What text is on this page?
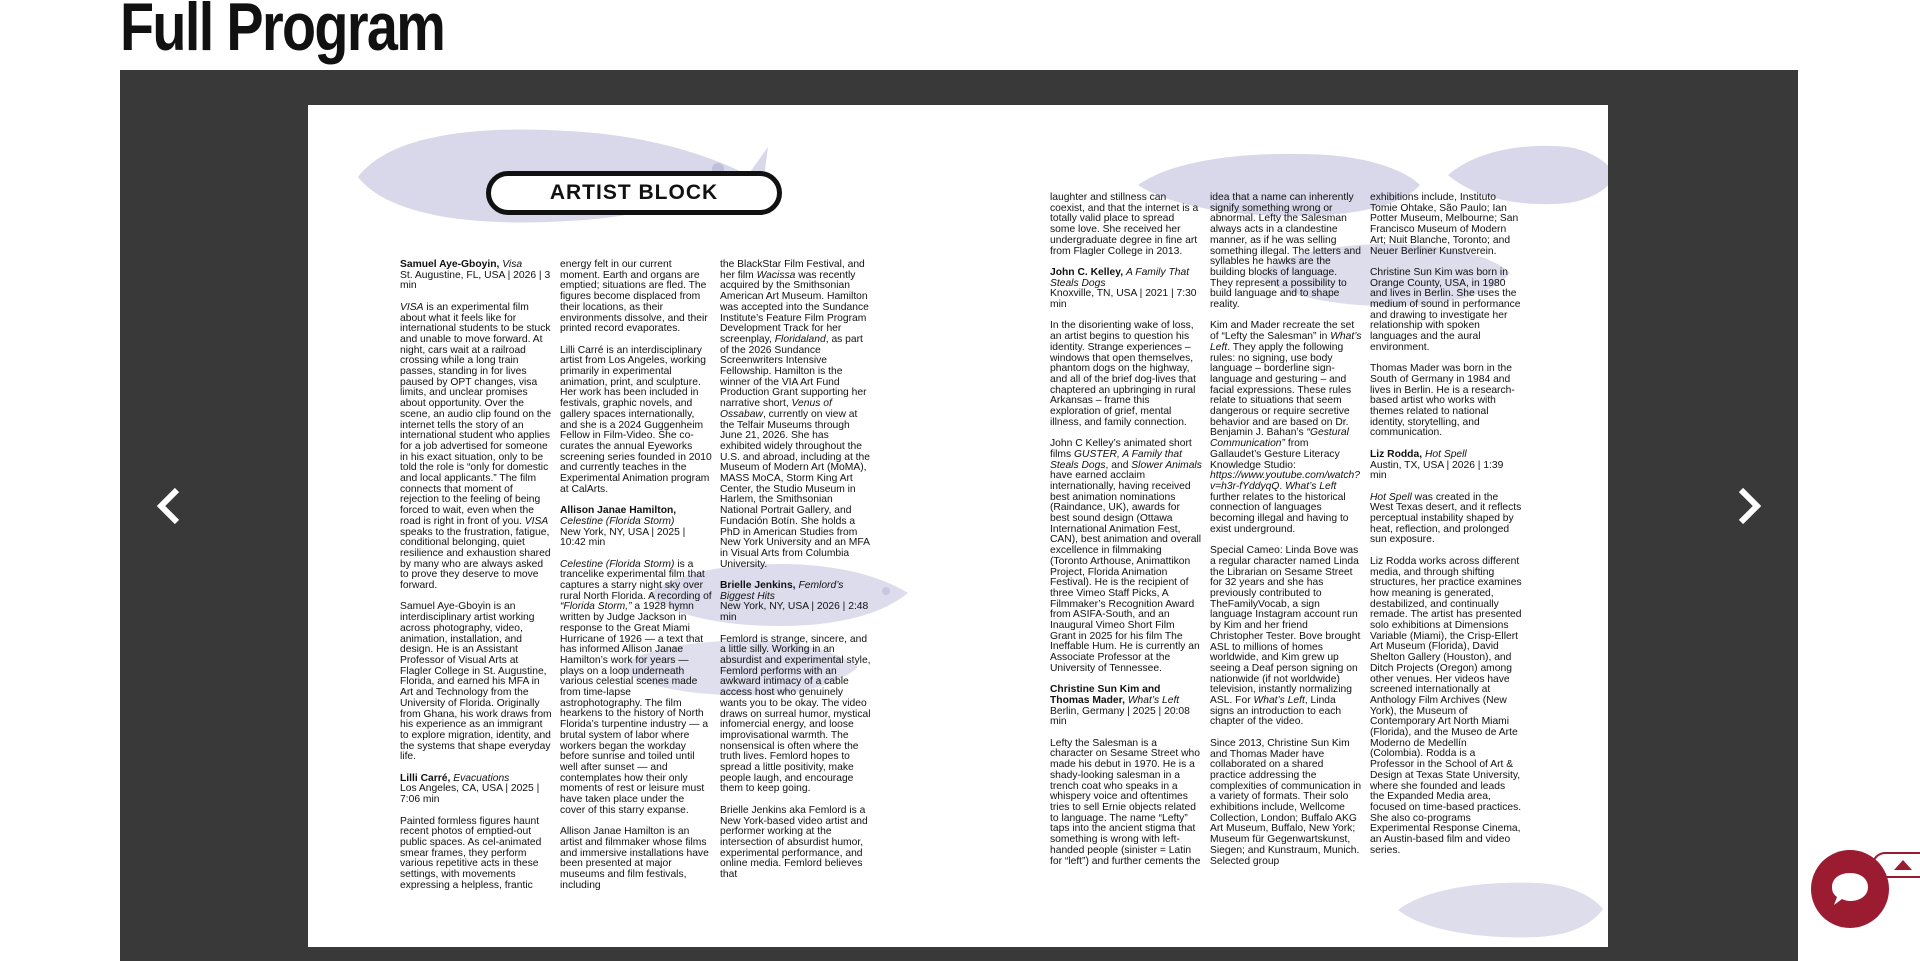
Full Program
ARTIST BLOCK
Samuel Aye-Gboyin, Visa
St. Augustine, FL, USA | 2026 | 3 min

VISA is an experimental film about what it feels like for international students to be stuck and unable to move forward. At night, cars wait at a railroad crossing while a long train passes, standing in for lives paused by OPT changes, visa limits, and unclear promises about opportunity. Over the scene, an audio clip found on the internet tells the story of an international student who applies for a job advertised for someone in his exact situation, only to be told the role is “only for domestic and local applicants.” The film connects that moment of rejection to the feeling of being forced to wait, even when the road is right in front of you. VISA speaks to the frustration, fatigue, conditional belonging, quiet resilience and exhaustion shared by many who are always asked to prove they deserve to move forward.

Samuel Aye-Gboyin is an interdisciplinary artist working across photography, video, animation, installation, and design. He is an Assistant Professor of Visual Arts at Flagler College in St. Augustine, Florida, and earned his MFA in Art and Technology from the University of Florida. Originally from Ghana, his work draws from his experience as an immigrant to explore migration, identity, and the systems that shape everyday life.

Lilli Carré, Evacuations
Los Angeles, CA, USA | 2025 | 7:06 min

Painted formless figures haunt recent photos of emptied-out public spaces. As cel-animated smear frames, they perform various repetitive acts in these settings, with movements expressing a helpless, frantic

energy felt in our current moment. Earth and organs are emptied; situations are fled. The figures become displaced from their locations, as their environments dissolve, and their printed record evaporates.

Lilli Carré is an interdisciplinary artist from Los Angeles, working primarily in experimental animation, print, and sculpture. Her work has been included in festivals, graphic novels, and gallery spaces internationally, and she is a 2024 Guggenheim Fellow in Film-Video. She co-curates the annual Eyeworks screening series founded in 2010 and currently teaches in the Experimental Animation program at CalArts.

Allison Janae Hamilton,
Celestine (Florida Storm)
New York, NY, USA | 2025 | 10:42 min

Celestine (Florida Storm) is a trancelike experimental film that captures a starry night sky over rural North Florida. A recording of “Florida Storm,” a 1928 hymn written by Judge Jackson in response to the Great Miami Hurricane of 1926 — a text that has informed Allison Janae Hamilton’s work for years — plays on a loop underneath various celestial scenes made from time-lapse astrophotography. The film hearkens to the history of North Florida’s turpentine industry — a brutal system of labor where workers began the workday before sunrise and toiled until well after sunset — and contemplates how their only moments of rest or leisure must have taken place under the cover of this starry expanse.

Allison Janae Hamilton is an artist and filmmaker whose films and immersive installations have been presented at major museums and film festivals, including

the BlackStar Film Festival, and her film Wacissa was recently acquired by the Smithsonian American Art Museum. Hamilton was accepted into the Sundance Institute’s Feature Film Program Development Track for her screenplay, Floridaland, as part of the 2026 Sundance Screenwriters Intensive Fellowship. Hamilton is the winner of the VIA Art Fund Production Grant supporting her narrative short, Venus of Ossabaw, currently on view at the Telfair Museums through June 21, 2026. She has exhibited widely throughout the U.S. and abroad, including at the Museum of Modern Art (MoMA), MASS MoCA, Storm King Art Center, the Studio Museum in Harlem, the Smithsonian National Portrait Gallery, and Fundación Botín. She holds a PhD in American Studies from New York University and an MFA in Visual Arts from Columbia University.

Brielle Jenkins, Femlord’s Biggest Hits
New York, NY, USA | 2026 | 2:48 min

Femlord is strange, sincere, and a little silly. Working in an absurdist and experimental style, Femlord performs with an awkward intimacy of a cable access host who genuinely wants you to be okay. The video draws on surreal humor, mystical infomercial energy, and loose improvisational warmth. The nonsensical is often where the truth lives. Femlord hopes to spread a little positivity, make people laugh, and encourage them to keep going.

Brielle Jenkins aka Femlord is a New York-based video artist and performer working at the intersection of absurdist humor, experimental performance, and online media. Femlord believes that

laughter and stillness can coexist, and that the internet is a totally valid place to spread some love. She received her undergraduate degree in fine art from Flagler College in 2013.

John C. Kelley, A Family That Steals Dogs
Knoxville, TN, USA | 2021 | 7:30 min

In the disorienting wake of loss, an artist begins to question his identity. Strange experiences – windows that open themselves, phantom dogs on the highway, and all of the brief dog-lives that chaptered an upbringing in rural Arkansas – frame this exploration of grief, mental illness, and family connection.

John C Kelley’s animated short films GUSTER, A Family that Steals Dogs, and Slower Animals have earned acclaim internationally, having received best animation nominations (Raindance, UK), awards for best sound design (Ottawa International Animation Fest, CAN), best animation and overall excellence in filmmaking (Toronto Arthouse, Animattikon Project, Florida Animation Festival). He is the recipient of three Vimeo Staff Picks, A Filmmaker’s Recognition Award from ASIFA-South, and an Inaugural Vimeo Short Film Grant in 2025 for his film The Ineffable Hum. He is currently an Associate Professor at the University of Tennessee.

Christine Sun Kim and Thomas Mader, What’s Left
Berlin, Germany | 2025 | 20:08 min

Lefty the Salesman is a character on Sesame Street who made his debut in 1970. He is a shady-looking salesman in a trench coat who speaks in a whispery voice and oftentimes tries to sell Ernie objects related to language. The name “Lefty” taps into the ancient stigma that something is wrong with left-handed people (sinister = Latin for “left”) and further cements the

idea that a name can inherently signify something wrong or abnormal. Lefty the Salesman always acts in a clandestine manner, as if he was selling something illegal. The letters and syllables he hawks are the building blocks of language. They represent a possibility to build language and to shape reality.

Kim and Mader recreate the set of “Lefty the Salesman” in What’s Left. They apply the following rules: no signing, use body language – borderline sign-language and gesturing – and facial expressions. These rules relate to situations that seem dangerous or require secretive behavior and are based on Dr. Benjamin J. Bahan’s “Gestural Communication” from Gallaudet’s Gesture Literacy Knowledge Studio: https://www.youtube.com/watch?v=h3r-fYddyqQ. What’s Left further relates to the historical connection of languages becoming illegal and having to exist underground.

Special Cameo: Linda Bove was a regular character named Linda the Librarian on Sesame Street for 32 years and she has previously contributed to TheFamilyVocab, a sign language Instagram account run by Kim and her friend Christopher Tester. Bove brought ASL to millions of homes worldwide, and Kim grew up seeing a Deaf person signing on nationwide (if not worldwide) television, instantly normalizing ASL. For What’s Left, Linda signs an introduction to each chapter of the video.

Since 2013, Christine Sun Kim and Thomas Mader have collaborated on a shared practice addressing the complexities of communication in a variety of formats. Their solo exhibitions include, Wellcome Collection, London; Buffalo AKG Art Museum, Buffalo, New York; Museum für Gegenwartskunst, Siegen; and Kunstraum, Munich. Selected group

exhibitions include, Instituto Tomie Ohtake, São Paulo; Ian Potter Museum, Melbourne; San Francisco Museum of Modern Art; Nuit Blanche, Toronto; and Neuer Berliner Kunstverein.

Christine Sun Kim was born in Orange County, USA, in 1980 and lives in Berlin. She uses the medium of sound in performance and drawing to investigate her relationship with spoken languages and the aural environment.

Thomas Mader was born in the South of Germany in 1984 and lives in Berlin. He is a research-based artist who works with themes related to national identity, storytelling, and communication.

Liz Rodda, Hot Spell
Austin, TX, USA | 2026 | 1:39 min

Hot Spell was created in the West Texas desert, and it reflects perceptual instability shaped by heat, reflection, and prolonged sun exposure.

Liz Rodda works across different media, and through shifting structures, her practice examines how meaning is generated, destabilized, and continually remade. The artist has presented solo exhibitions at Dimensions Variable (Miami), the Crisp-Ellert Art Museum (Florida), David Shelton Gallery (Houston), and Ditch Projects (Oregon) among other venues. Her videos have screened internationally at Anthology Film Archives (New York), the Museum of Contemporary Art North Miami (Florida), and the Museo de Arte Moderno de Medellín (Colombia). Rodda is a Professor in the School of Art & Design at Texas State University, where she founded and leads the Expanded Media area, focused on time-based practices. She also co-programs Experimental Response Cinema, an Austin-based film and video series.
